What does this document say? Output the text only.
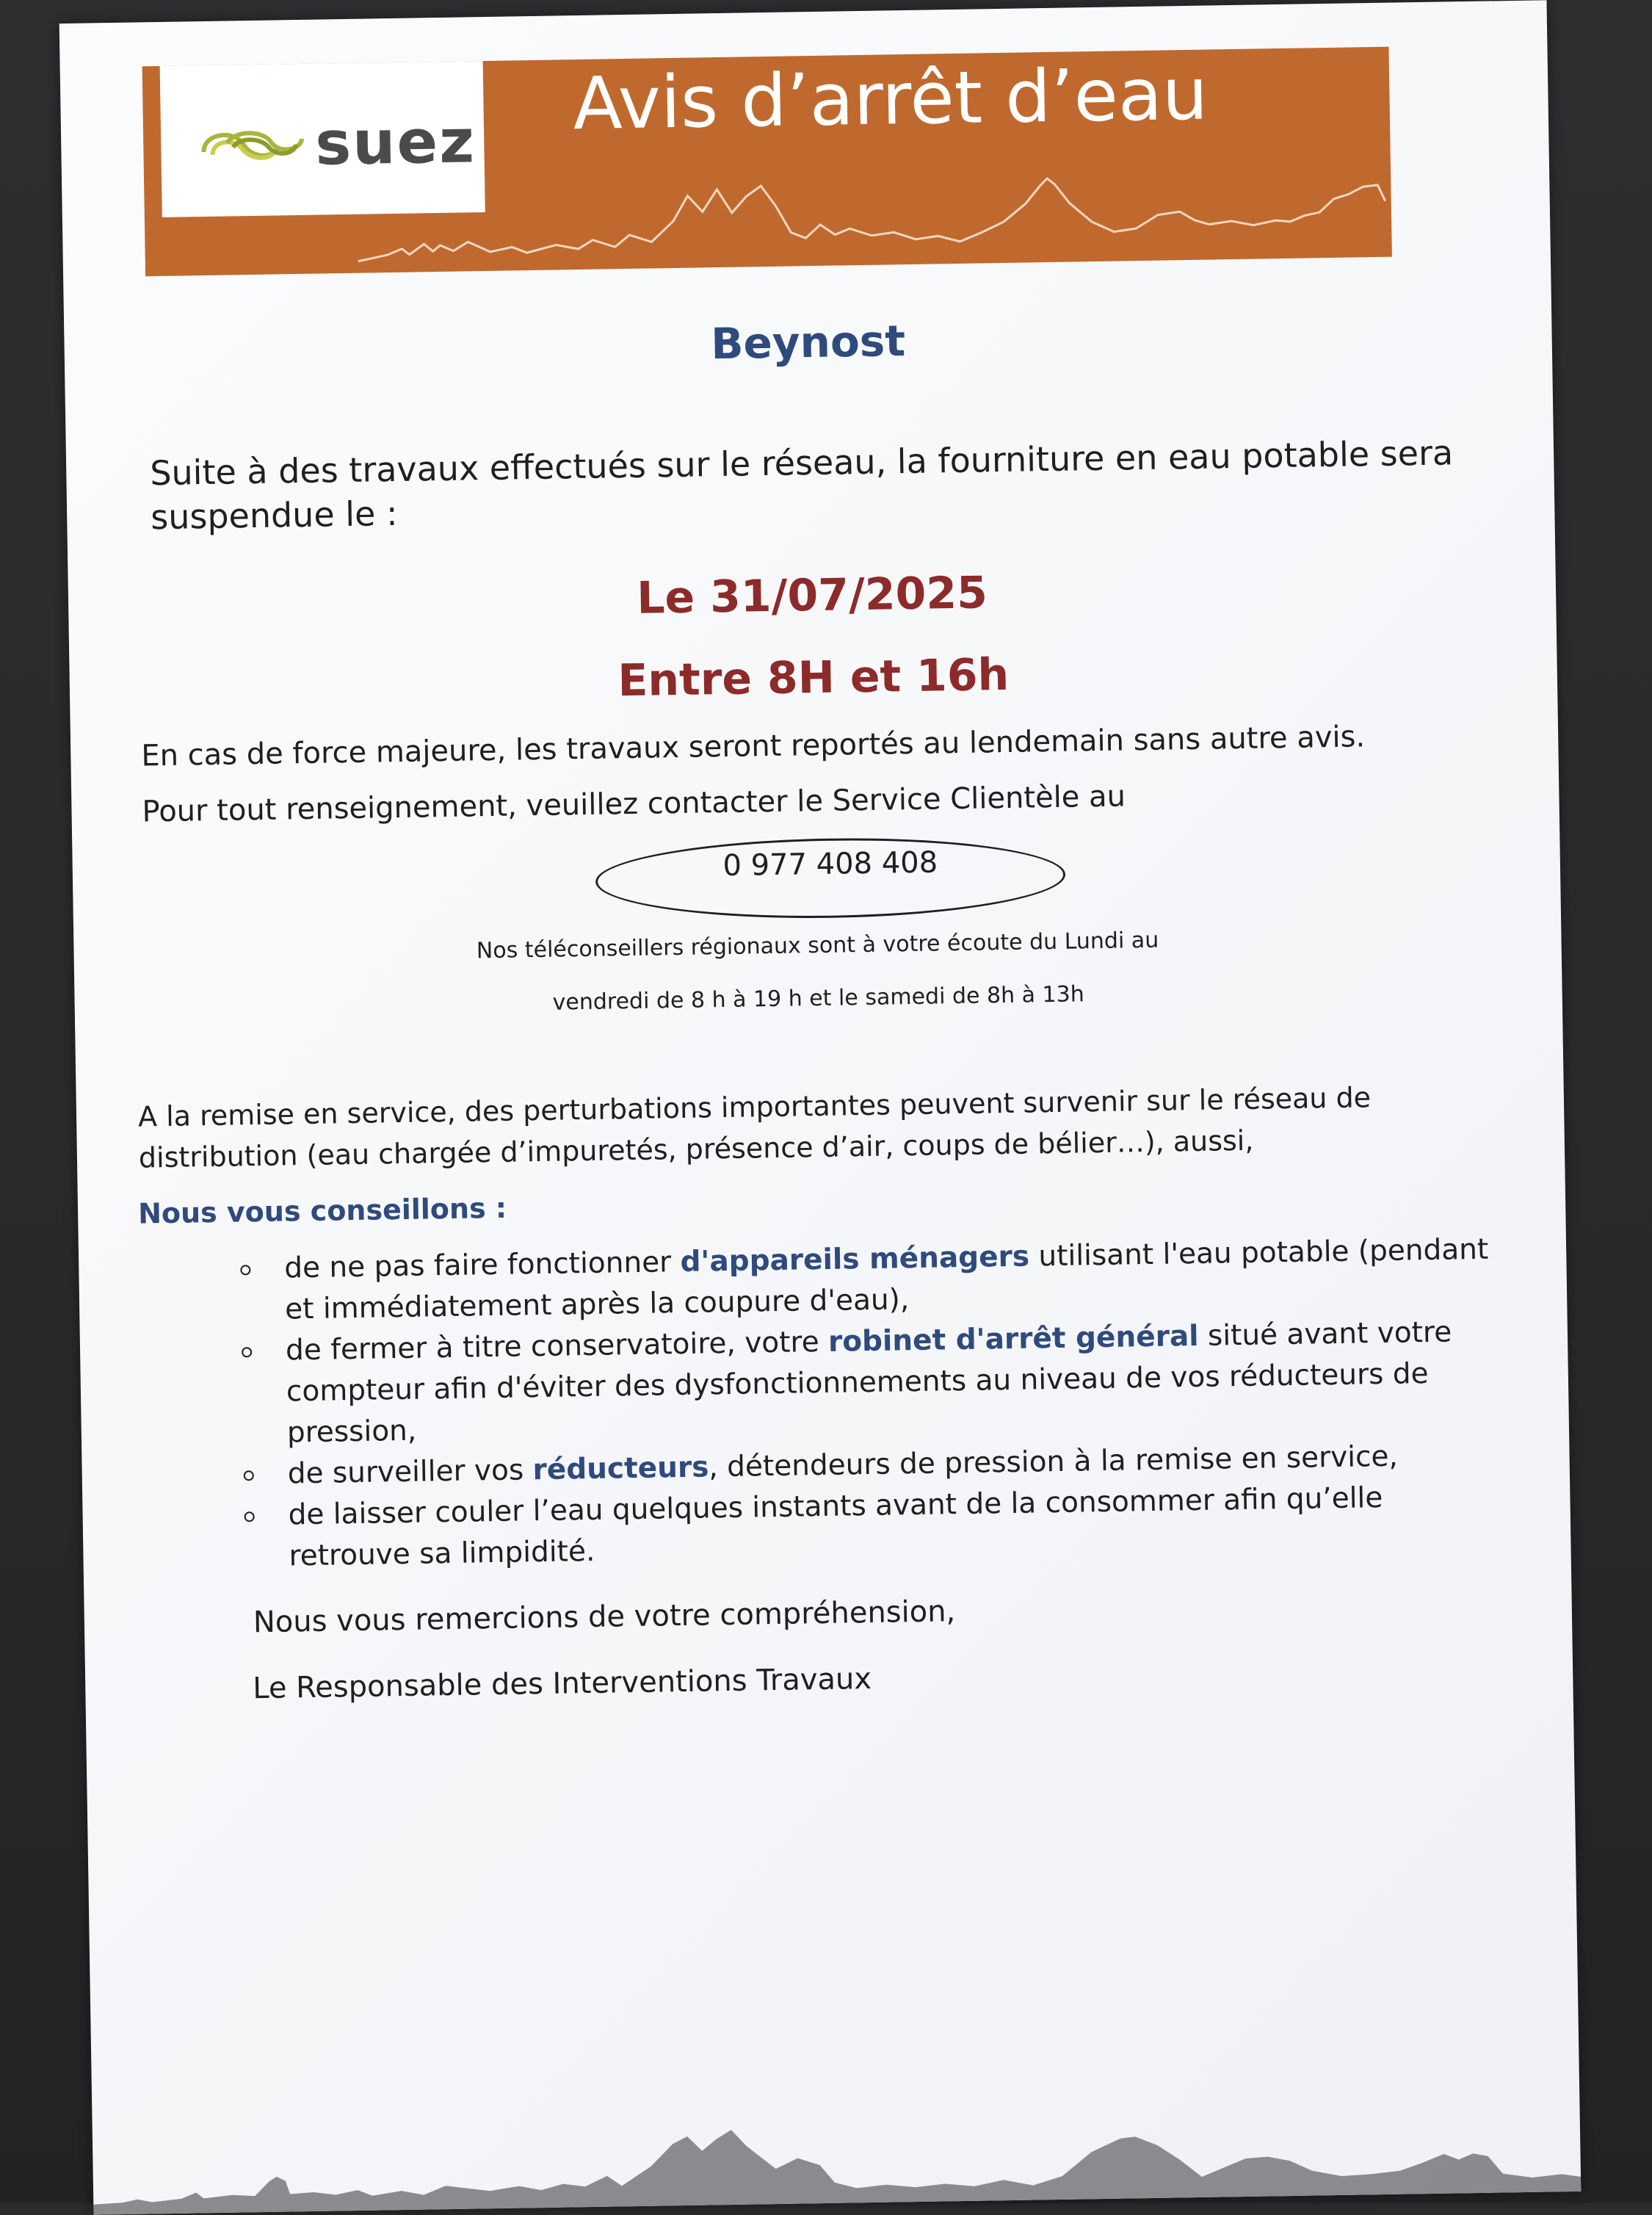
suez Avis d’arrêt d’eau
Beynost
Suite à des travaux effectués sur le réseau, la fourniture en eau potable sera suspendue le :
Le 31/07/2025
Entre 8H et 16h
En cas de force majeure, les travaux seront reportés au lendemain sans autre avis.
Pour tout renseignement, veuillez contacter le Service Clientèle au
0 977 408 408
Nos téléconseillers régionaux sont à votre écoute du Lundi au
vendredi de 8 h à 19 h et le samedi de 8h à 13h
A la remise en service, des perturbations importantes peuvent survenir sur le réseau de distribution (eau chargée d’impuretés, présence d’air, coups de bélier…), aussi,
Nous vous conseillons :
de ne pas faire fonctionner d'appareils ménagers utilisant l'eau potable (pendant et immédiatement après la coupure d'eau),
de fermer à titre conservatoire, votre robinet d'arrêt général situé avant votre compteur afin d'éviter des dysfonctionnements au niveau de vos réducteurs de pression,
de surveiller vos réducteurs, détendeurs de pression à la remise en service,
de laisser couler l’eau quelques instants avant de la consommer afin qu’elle retrouve sa limpidité.
Nous vous remercions de votre compréhension,
Le Responsable des Interventions Travaux
